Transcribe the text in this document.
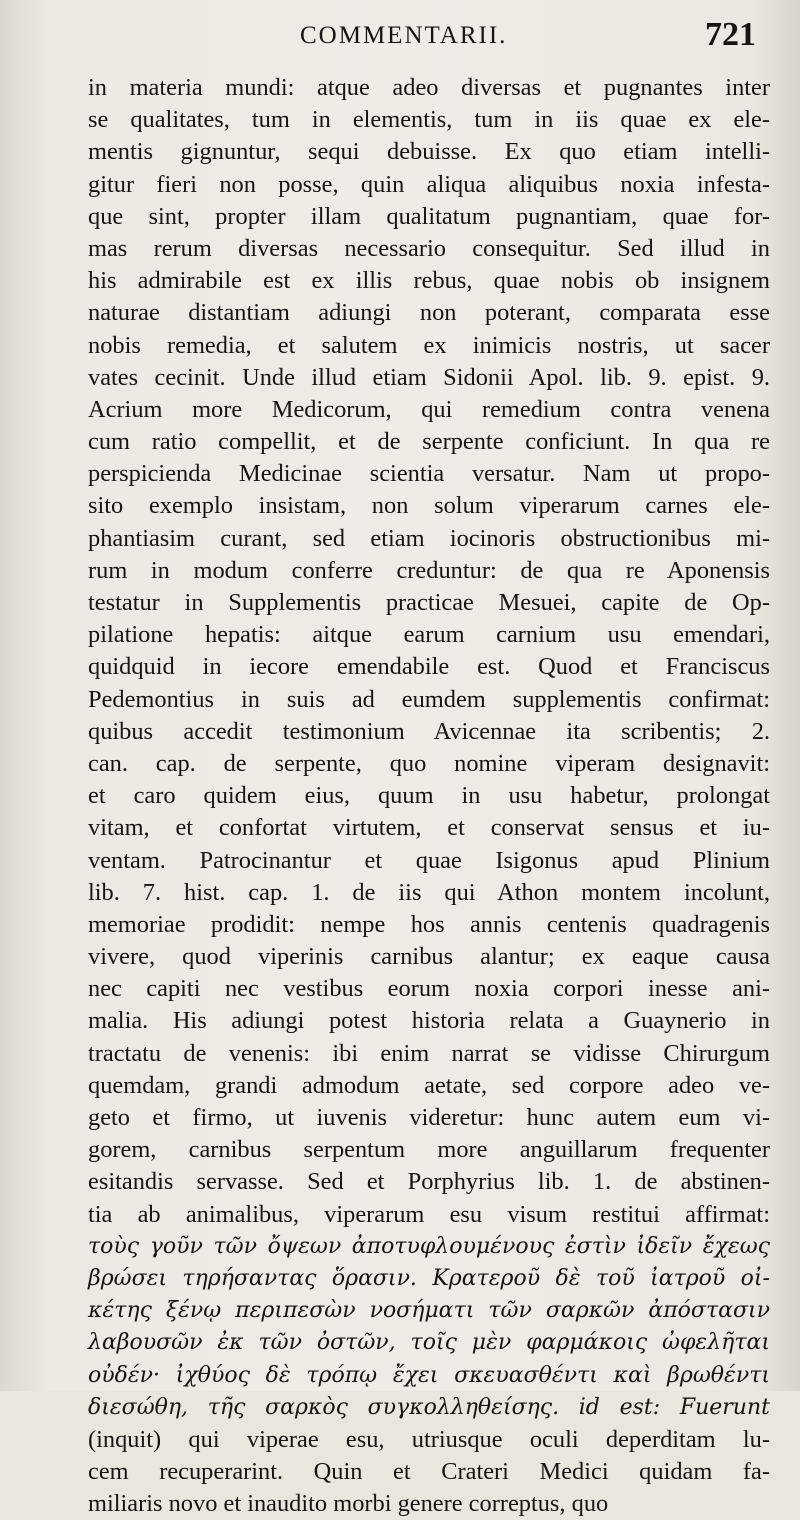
COMMENTARII.	721
in materia mundi: atque adeo diversas et pugnantes inter
se qualitates, tum in elementis, tum in iis quae ex ele-
mentis gignuntur, sequi debuisse. Ex quo etiam intelli-
gitur fieri non posse, quin aliqua aliquibus noxia infesta-
que sint, propter illam qualitatum pugnantiam, quae for-
mas rerum diversas necessario consequitur. Sed illud in
his admirabile est ex illis rebus, quae nobis ob insignem
naturae distantiam adiungi non poterant, comparata esse
nobis remedia, et salutem ex inimicis nostris, ut sacer
vates cecinit. Unde illud etiam Sidonii Apol. lib. 9. epist. 9.
Acrium more Medicorum, qui remedium contra venena
cum ratio compellit, et de serpente conficiunt. In qua re
perspicienda Medicinae scientia versatur. Nam ut propo-
sito exemplo insistam, non solum viperarum carnes ele-
phantiasim curant, sed etiam iocinoris obstructionibus mi-
rum in modum conferre creduntur: de qua re Aponensis
testatur in Supplementis practicae Mesuei, capite de Op-
pilatione hepatis: aitque earum carnium usu emendari,
quidquid in iecore emendabile est. Quod et Franciscus
Pedemontius in suis ad eumdem supplementis confirmat:
quibus accedit testimonium Avicennae ita scribentis; 2.
can. cap. de serpente, quo nomine viperam designavit:
et caro quidem eius, quum in usu habetur, prolongat
vitam, et confortat virtutem, et conservat sensus et iu-
ventam. Patrocinantur et quae Isigonus apud Plinium
lib. 7. hist. cap. 1. de iis qui Athon montem incolunt,
memoriae prodidit: nempe hos annis centenis quadragenis
vivere, quod viperinis carnibus alantur; ex eaque causa
nec capiti nec vestibus eorum noxia corpori inesse ani-
malia. His adiungi potest historia relata a Guaynerio in
tractatu de venenis: ibi enim narrat se vidisse Chirurgum
quemdam, grandi admodum aetate, sed corpore adeo ve-
geto et firmo, ut iuvenis videretur: hunc autem eum vi-
gorem, carnibus serpentum more anguillarum frequenter
esitandis servasse. Sed et Porphyrius lib. 1. de abstinen-
tia ab animalibus, viperarum esu visum restitui affirmat:
τοὺς γοῦν τῶν ὄψεων ἀποτυφλουμένους ἐστὶν ἰδεῖν ἔχεως
βρώσει τηρήσαντας ὅρασιν. Κρατεροῦ δὲ τοῦ ἰατροῦ οἰ-
κέτης ξένῳ περιπεσὼν νοσήματι τῶν σαρκῶν ἀπόστασιν
λαβουσῶν ἐκ τῶν ὀστῶν, τοῖς μὲν φαρμάκοις ὠφελῆται
οὐδέν· ἰχθύος δὲ τρόπῳ ἔχει σκευασθέντι καὶ βρωθέντι
διεσώθη, τῆς σαρκὸς συγκολληθείσης. id est: Fuerunt
(inquit) qui viperae esu, utriusque oculi deperditam lu-
cem recuperarint. Quin et Crateri Medici quidam fa-
miliaris novo et inaudito morbi genere correptus, quo
